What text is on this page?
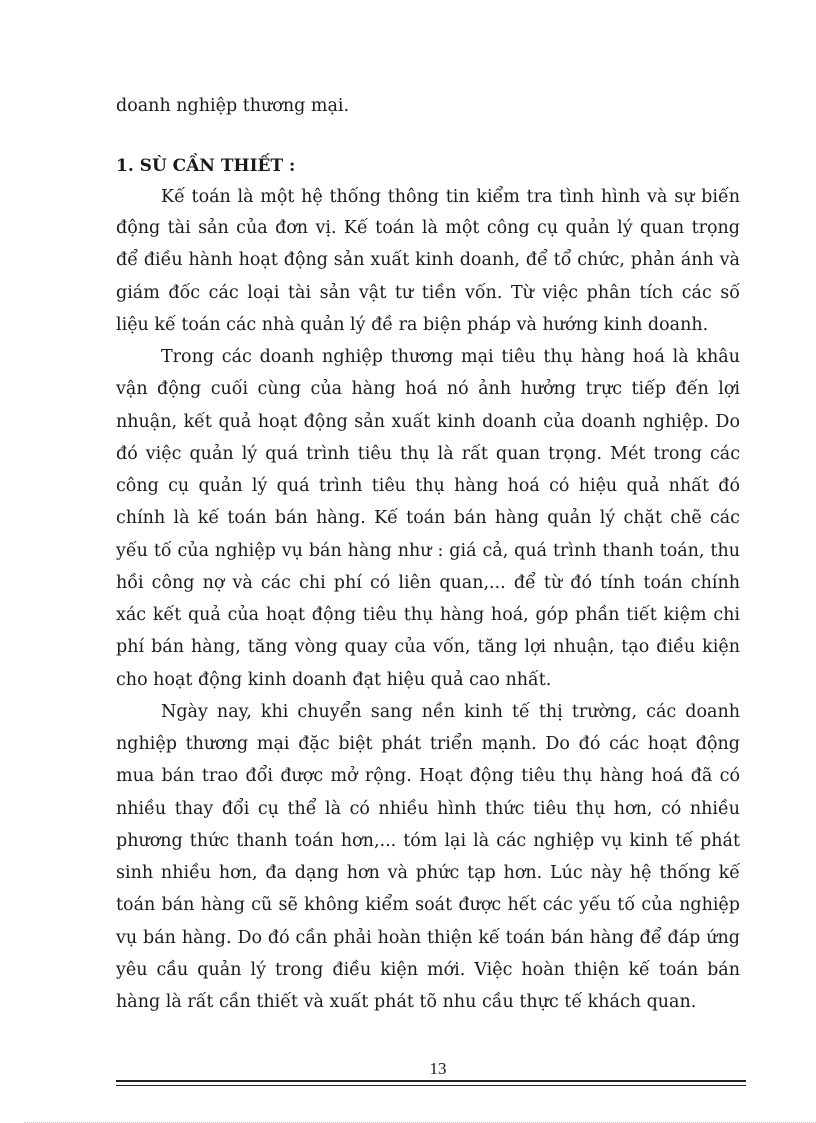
doanh nghiệp thương mại.

1. SÙ CẦN THIẾT :

Kế toán là một hệ thống thông tin kiểm tra tình hình và sự biến

động tài sản của đơn vị. Kế toán là một công cụ quản lý quan trọng

để điều hành hoạt động sản xuất kinh doanh, để tổ chức, phản ánh và

giám đốc các loại tài sản vật tư tiền vốn. Từ việc phân tích các số

liệu kế toán các nhà quản lý đề ra biện pháp và hướng kinh doanh.

Trong các doanh nghiệp thương mại tiêu thụ hàng hoá là khâu

vận động cuối cùng của hàng hoá nó ảnh hưởng trực tiếp đến lợi

nhuận, kết quả hoạt động sản xuất kinh doanh của doanh nghiệp. Do

đó việc quản lý quá trình tiêu thụ là rất quan trọng. Mét trong các

công cụ quản lý quá trình tiêu thụ hàng hoá có hiệu quả nhất đó

chính là kế toán bán hàng. Kế toán bán hàng quản lý chặt chẽ các

yếu tố của nghiệp vụ bán hàng như : giá cả, quá trình thanh toán, thu

hồi công nợ và các chi phí có liên quan,... để từ đó tính toán chính

xác kết quả của hoạt động tiêu thụ hàng hoá, góp phần tiết kiệm chi

phí bán hàng, tăng vòng quay của vốn, tăng lợi nhuận, tạo điều kiện

cho hoạt động kinh doanh đạt hiệu quả cao nhất.

Ngày nay, khi chuyển sang nền kinh tế thị trường, các doanh

nghiệp thương mại đặc biệt phát triển mạnh. Do đó các hoạt động

mua bán trao đổi được mở rộng. Hoạt động tiêu thụ hàng hoá đã có

nhiều thay đổi cụ thể là có nhiều hình thức tiêu thụ hơn, có nhiều

phương thức thanh toán hơn,... tóm lại là các nghiệp vụ kinh tế phát

sinh nhiều hơn, đa dạng hơn và phức tạp hơn. Lúc này hệ thống kế

toán bán hàng cũ sẽ không kiểm soát được hết các yếu tố của nghiệp

vụ bán hàng. Do đó cần phải hoàn thiện kế toán bán hàng để đáp ứng

yêu cầu quản lý trong điều kiện mới. Việc hoàn thiện kế toán bán

hàng là rất cần thiết và xuất phát tõ nhu cầu thực tế khách quan.

13
